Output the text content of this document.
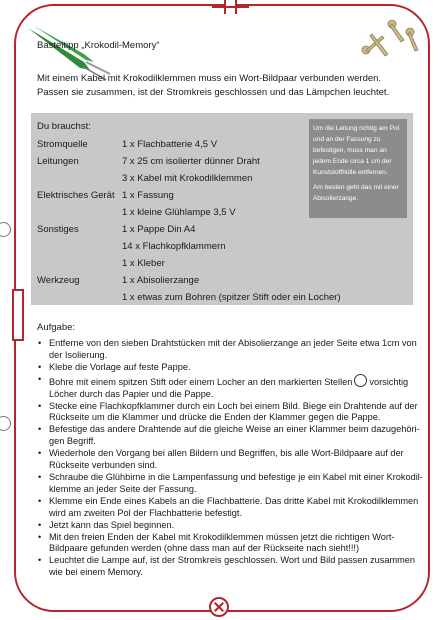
Basteltipp „Krokodil-Memory“
Mit einem Kabel mit Krokodilklemmen muss ein Wort-Bildpaar verbunden werden. Passen sie zusammen, ist der Stromkreis geschlossen und das Lämpchen leuchtet.
Du brauchst:
Stromquelle	1 x Flachbatterie 4,5 V
Leitungen	7 x 25 cm isolierter dünner Draht
3 x Kabel mit Krokodilklemmen
Elektrisches Gerät 1 x Fassung
1 x kleine Glühlampe 3,5 V
Sonstiges	1 x Pappe Din A4
14 x Flachkopfklammern
1 x Kleber
Werkzeug	1 x Abisolierzange
1 x etwas zum Bohren (spitzer Stift oder ein Locher)

Um die Leitung richtig am Pol und an der Fassung zu befestigen, muss man an jedem Ende circa 1 cm der Kunststoffhülle entfernen.

Am besten geht das mit einer Abisolierzange.

Aufgabe:
• Entferne von den sieben Drahtstücken mit der Abisolierzange an jeder Seite etwa 1cm von der Isolierung.
• Klebe die Vorlage auf feste Pappe.
• Bohre mit einem spitzen Stift oder einem Locher an den markierten Stellen vorsichtig Löcher durch das Papier und die Pappe.
• Stecke eine Flachkopfklammer durch ein Loch bei einem Bild. Biege ein Drahtende auf der Rückseite um die Klammer und drücke die Enden der Klammer gegen die Pappe.
• Befestige das andere Drahtende auf die gleiche Weise an einer Klammer beim dazugehöri-gen Begriff.
• Wiederhole den Vorgang bei allen Bildern und Begriffen, bis alle Wort-Bildpaare auf der Rückseite verbunden sind.
• Schraube die Glühbirne in die Lampenfassung und befestige je ein Kabel mit einer Krokodil-klemme an jeder Seite der Fassung.
• Klemme ein Ende eines Kabels an die Flachbatterie. Das dritte Kabel mit Krokodilklemmen wird am zweiten Pol der Flachbatterie befestigt.
• Jetzt kann das Spiel beginnen.
• Mit den freien Enden der Kabel mit Krokodilklemmen müssen jetzt die richtigen Wort-Bildpaare gefunden werden (ohne dass man auf der Rückseite nach sieht!!!)
• Leuchtet die Lampe auf, ist der Stromkreis geschlossen. Wort und Bild passen zusammen wie bei einem Memory.
